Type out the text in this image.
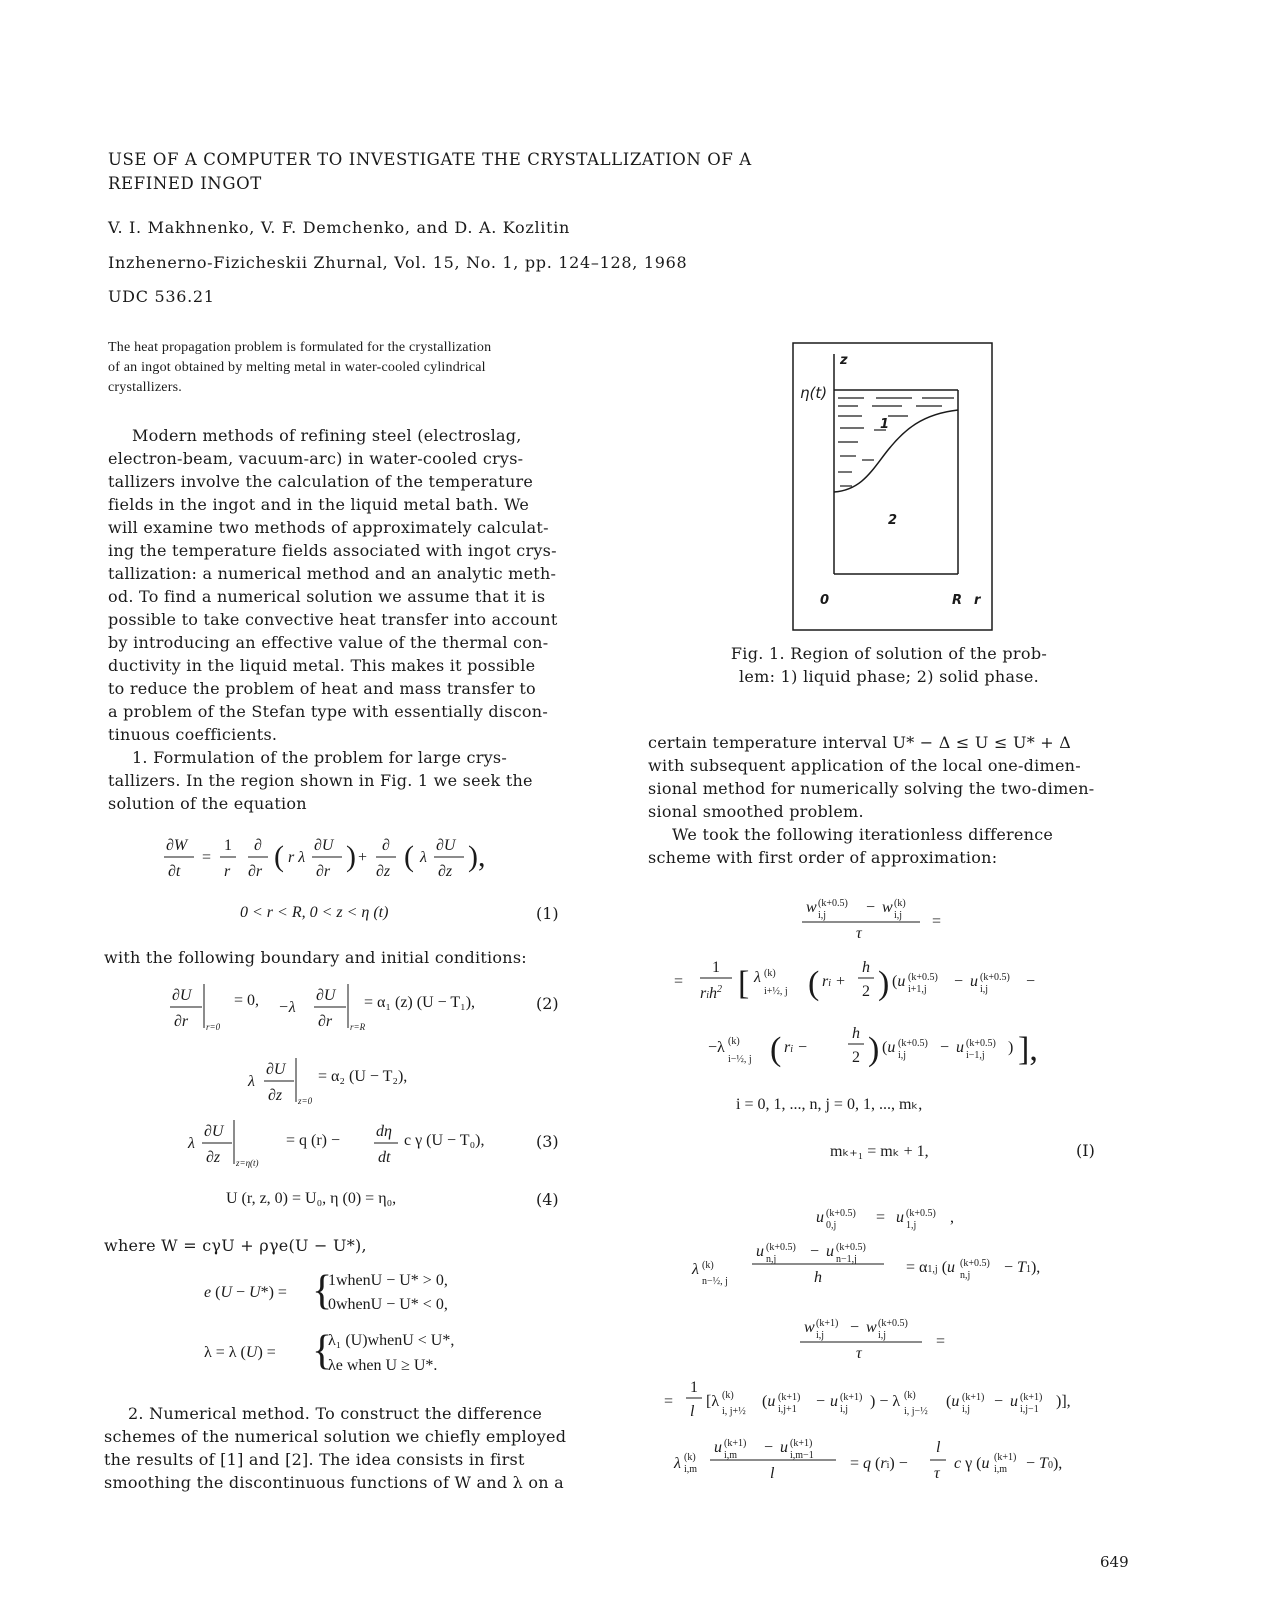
USE OF A COMPUTER TO INVESTIGATE THE CRYSTALLIZATION OF A
REFINED INGOT
V. I. Makhnenko, V. F. Demchenko, and D. A. Kozlitin
Inzhenerno-Fizicheskii Zhurnal, Vol. 15, No. 1, pp. 124–128, 1968
UDC 536.21
The heat propagation problem is formulated for the crystallization
of an ingot obtained by melting metal in water-cooled cylindrical
crystallizers.
Modern methods of refining steel (electroslag,
electron-beam, vacuum-arc) in water-cooled crys-
tallizers involve the calculation of the temperature
fields in the ingot and in the liquid metal bath. We
will examine two methods of approximately calculat-
ing the temperature fields associated with ingot crys-
tallization: a numerical method and an analytic meth-
od. To find a numerical solution we assume that it is
possible to take convective heat transfer into account
by introducing an effective value of the thermal con-
ductivity in the liquid metal. This makes it possible
to reduce the problem of heat and mass transfer to
a problem of the Stefan type with essentially discon-
tinuous coefficients.
1. Formulation of the problem for large crys-
tallizers. In the region shown in Fig. 1 we seek the
solution of the equation
∂W
∂t
=
1
r
∂
∂r ( r λ
∂U
∂r ) +
∂
∂z ( λ
∂U
∂z ),
0 < r < R, 0 < z < η (t)	(1)
with the following boundary and initial conditions:
∂U
∂r r=0
= 0, −λ
∂U
∂r r=R
= α₁ (z) (U − T₁),	(2)
λ
∂U
∂z z=0
= α₂ (U − T₂),
λ
∂U
∂z z=η(t)
= q (r) −
dη
dt
c γ (U − T₀),	(3)
U (r, z, 0) = U₀, η (0) = η₀,	(4)
where W = cγU + ργe(U − U*),
e (U − U*) = {
1whenU − U* > 0,
0whenU − U* < 0,
λ = λ (U) = {
λ₁ (U)whenU < U*,
λe when U ≥ U*.
2. Numerical method. To construct the difference
schemes of the numerical solution we chiefly employed
the results of [1] and [2]. The idea consists in first
smoothing the discontinuous functions of W and λ on a
z
η(t)
1
2
0	R r
Fig. 1. Region of solution of the prob-
lem: 1) liquid phase; 2) solid phase.
certain temperature interval U* − Δ ≤ U ≤ U* + Δ
with subsequent application of the local one-dimen-
sional method for numerically solving the two-dimen-
sional smoothed problem.
We took the following iterationless difference
scheme with first order of approximation:
w (k+0.5)
i,j − w (k)
i,j
τ
=
=
1
rih$^2$ [ λ (k)
i+½, j ( ri +
h
2 ) (u (k+0.5)
i+1,j − u (k+0.5)
i,j −
−λ (k)
i−½, j ( ri −
h
2 ) (u (k+0.5)
i,j − u (k+0.5)
i−1,j ) ],
u (k+0.5)
0,j = u (k+0.5)
1,j ,
λ (k)
n−½, j
u (k+0.5)
n,j − u (k+0.5)
n−1,j
h
= α1,j (u (k+0.5)
n,j − T1),
i = 0, 1, ..., n, j = 0, 1, ..., mₖ,
mₖ₊₁ = mₖ + 1,	(I)
w (k+1)
i,j − w (k+0.5)
i,j
τ
=
=
1
l
[λ (k)
i, j+½
(u (k+1)
i,j+1 − u (k+1)
i,j ) − λ (k)
i, j−½
(u (k+1)
i,j − u (k+1)
i,j−1 )],
λ i,m
(k)
u (k+1)
i,m − u (k+1)
i,m−1
l
= q (ri) −
l
τ
c γ (u (k+1)
i,m − T0),
649
